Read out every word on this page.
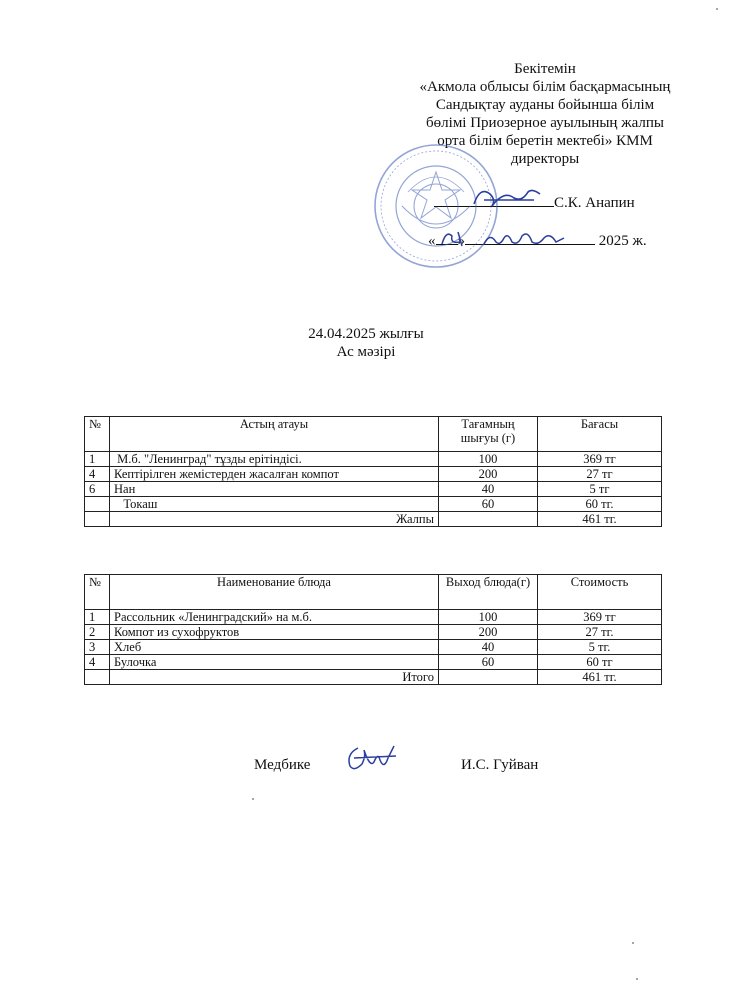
Бекітемін
«Акмола облысы білім басқармасының
Сандықтау ауданы бойынша білім
бөлімі Приозерное ауылының жалпы
орта білім беретін мектебі» КММ
директоры
С.К. Анапин
« »	2025 ж.
24.04.2025 жылғы
Ас мәзірі
№	Астың атауы	Тағамның шығуы (г)	Бағасы
1	М.б. "Ленинград" тұзды ерітіндісі.	100	369 тг
4	Кептірілген жемістерден жасалған компот	200	27 тг
6	Нан	40	5 тг
	Токаш	60	60 тг.
	Жалпы		461 тг.
№	Наименование блюда	Выход блюда(г)	Стоимость
1	Рассольник «Ленинградский» на м.б.	100	369 тг
2	Компот из сухофруктов	200	27 тг.
3	Хлеб	40	5 тг.
4	Булочка	60	60 тг
	Итого		461 тг.
Медбике	И.С. Гуйван
